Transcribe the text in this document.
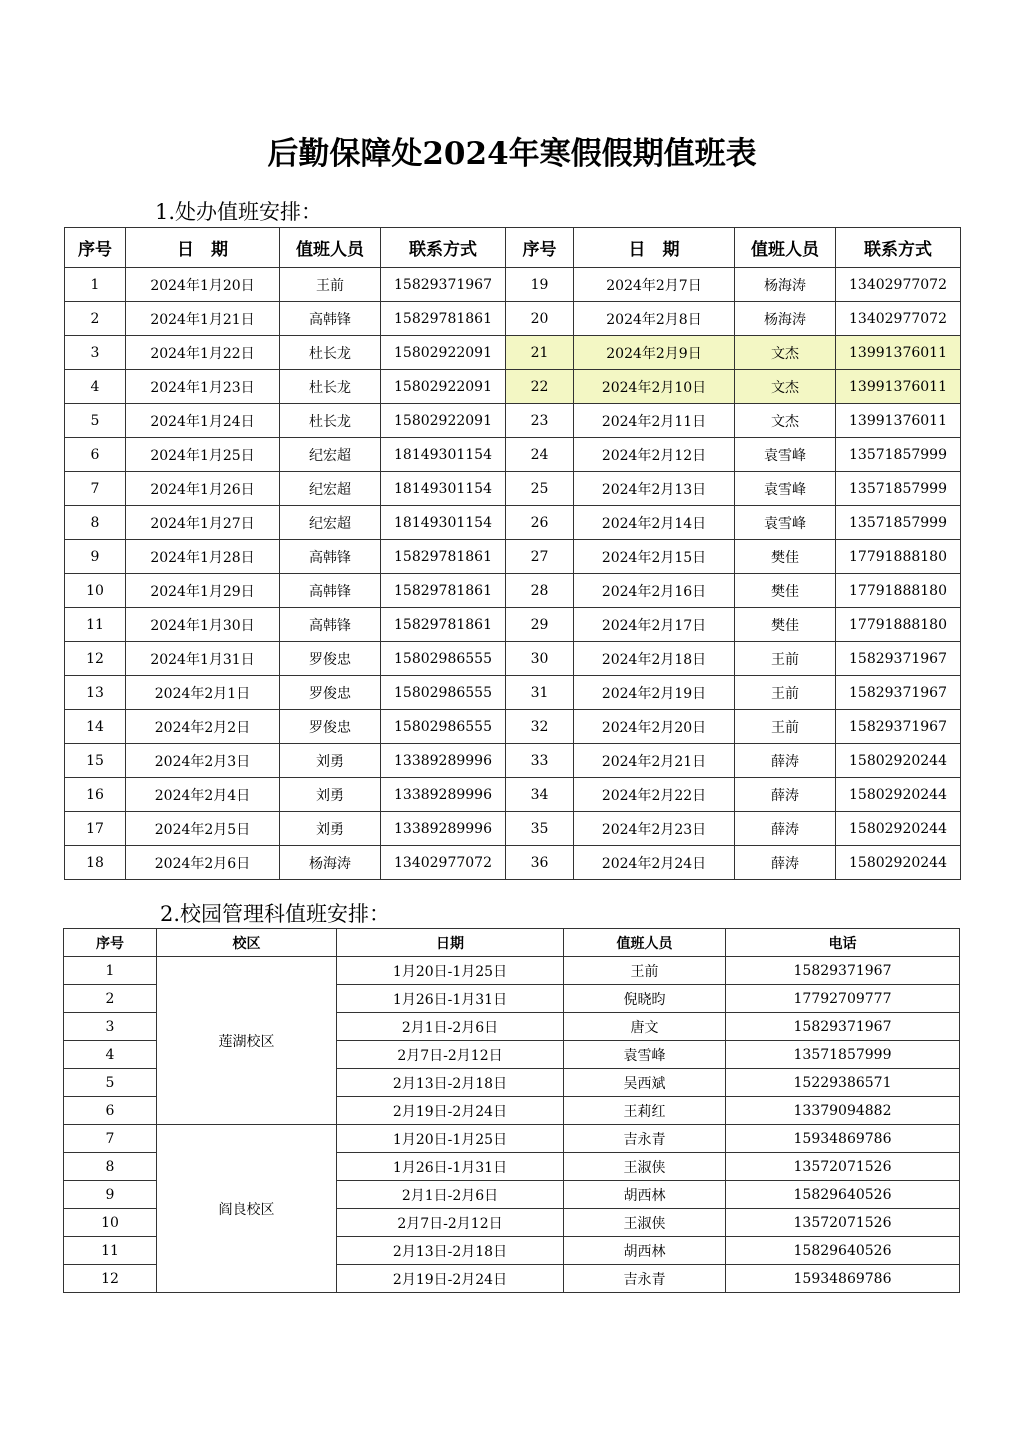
后勤保障处2024年寒假假期值班表
1.处办值班安排：
序号	日　期	值班人员	联系方式	序号	日　期	值班人员	联系方式
1	2024年1月20日	王前	15829371967	19	2024年2月7日	杨海涛	13402977072
2	2024年1月21日	高韩锋	15829781861	20	2024年2月8日	杨海涛	13402977072
3	2024年1月22日	杜长龙	15802922091	21	2024年2月9日	文杰	13991376011
4	2024年1月23日	杜长龙	15802922091	22	2024年2月10日	文杰	13991376011
5	2024年1月24日	杜长龙	15802922091	23	2024年2月11日	文杰	13991376011
6	2024年1月25日	纪宏超	18149301154	24	2024年2月12日	袁雪峰	13571857999
7	2024年1月26日	纪宏超	18149301154	25	2024年2月13日	袁雪峰	13571857999
8	2024年1月27日	纪宏超	18149301154	26	2024年2月14日	袁雪峰	13571857999
9	2024年1月28日	高韩锋	15829781861	27	2024年2月15日	樊佳	17791888180
10	2024年1月29日	高韩锋	15829781861	28	2024年2月16日	樊佳	17791888180
11	2024年1月30日	高韩锋	15829781861	29	2024年2月17日	樊佳	17791888180
12	2024年1月31日	罗俊忠	15802986555	30	2024年2月18日	王前	15829371967
13	2024年2月1日	罗俊忠	15802986555	31	2024年2月19日	王前	15829371967
14	2024年2月2日	罗俊忠	15802986555	32	2024年2月20日	王前	15829371967
15	2024年2月3日	刘勇	13389289996	33	2024年2月21日	薛涛	15802920244
16	2024年2月4日	刘勇	13389289996	34	2024年2月22日	薛涛	15802920244
17	2024年2月5日	刘勇	13389289996	35	2024年2月23日	薛涛	15802920244
18	2024年2月6日	杨海涛	13402977072	36	2024年2月24日	薛涛	15802920244
2.校园管理科值班安排：
序号	校区	日期	值班人员	电话
1	莲湖校区	1月20日-1月25日	王前	15829371967
2		1月26日-1月31日	倪晓昀	17792709777
3		2月1日-2月6日	唐文	15829371967
4		2月7日-2月12日	袁雪峰	13571857999
5		2月13日-2月18日	吴西斌	15229386571
6		2月19日-2月24日	王莉红	13379094882
7	阎良校区	1月20日-1月25日	吉永青	15934869786
8		1月26日-1月31日	王淑侠	13572071526
9		2月1日-2月6日	胡西林	15829640526
10		2月7日-2月12日	王淑侠	13572071526
11		2月13日-2月18日	胡西林	15829640526
12		2月19日-2月24日	吉永青	15934869786
